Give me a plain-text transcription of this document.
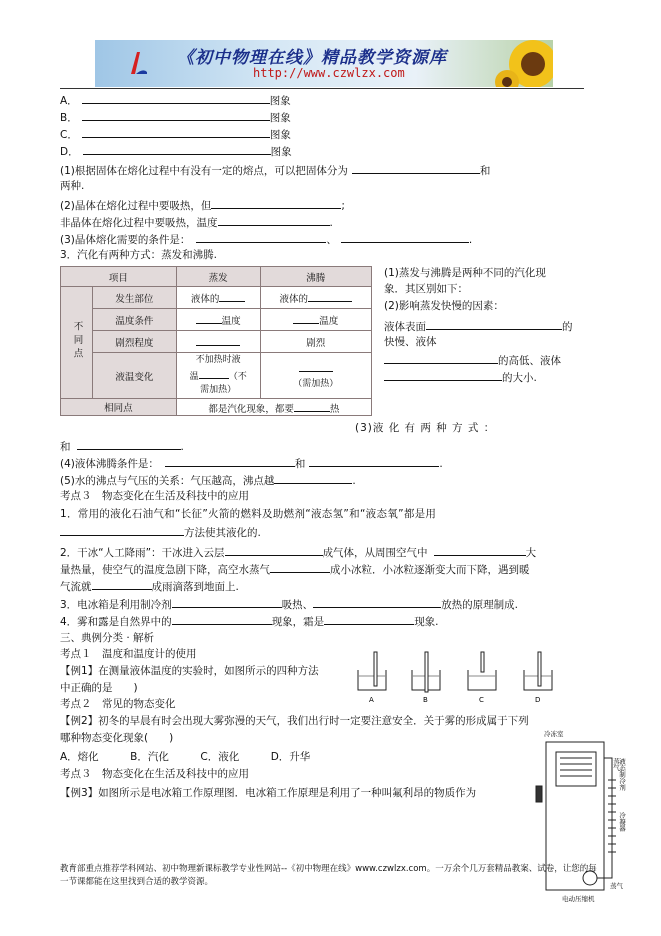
《初中物理在线》精品教学资源库
http://www.czwlzx.com
A．	图象
B．	图象
C．	图象
D．	图象
(1)根据固体在熔化过程中有没有一定的熔点，可以把固体分为	和
两种.
(2)晶体在熔化过程中要吸热，但	;
非晶体在熔化过程中要吸热，温度	.
(3)晶体熔化需要的条件是：	、	.
3．汽化有两种方式：蒸发和沸腾.
项目		蒸发	沸腾
不同点	发生部位	液体的	液体的
	温度条件	温度	温度
	剧烈程度		剧烈
	液温变化	不加热时液
温 （不
需加热）	（需加热）

相同点		都是汽化现象，都要 热	
(1)蒸发与沸腾是两种不同的汽化现
象．其区别如下：
(2)影响蒸发快慢的因素：
液体表面	的
快慢、液体
的高低、液体
的大小.
(3)液 化 有 两 种 方 式 ：
和	.
(4)液体沸腾条件是：	和	.
(5)水的沸点与气压的关系：气压越高，沸点越	.
考点３　物态变化在生活及科技中的应用
1．常用的液化石油气和“长征”火箭的燃料及助燃剂“液态氢”和“液态氧”都是用
方法使其液化的.
2．干冰“人工降雨”：干冰进入云层	成气体，从周围空气中	大
量热量，使空气的温度急剧下降，高空水蒸气	成小冰粒．小冰粒逐渐变大而下降，遇到暖
气流就	成雨滴落到地面上.
3．电冰箱是利用制冷剂	吸热、	放热的原理制成.
4．雾和露是自然界中的	现象，霜是	现象.
三、典例分类 · 解析
考点１　温度和温度计的使用
【例1】在测量液体温度的实验时，如图所示的四种方法
中正确的是　　)
A	B	C	D
考点２　常见的物态变化
【例2】初冬的早晨有时会出现大雾弥漫的天气，我们出行时一定要注意安全．关于雾的形成属于下列
哪种物态变化现象(　　)
A．熔化　　　B．汽化　　　C．液化　　　D．升华
考点３　物态变化在生活及科技中的应用
【例3】如图所示是电冰箱工作原理图．电冰箱工作原理是利用了一种叫氟利昂的物质作为
冷冻室
液态制冷剂
冷凝器
蒸气
蒸气
电动压缩机
教育部重点推荐学科网站、初中物理新课标教学专业性网站--《初中物理在线》www.czwlzx.com。一万余个几万套精品教案、试卷，让您的每一节课都能在这里找到合适的教学资源。
